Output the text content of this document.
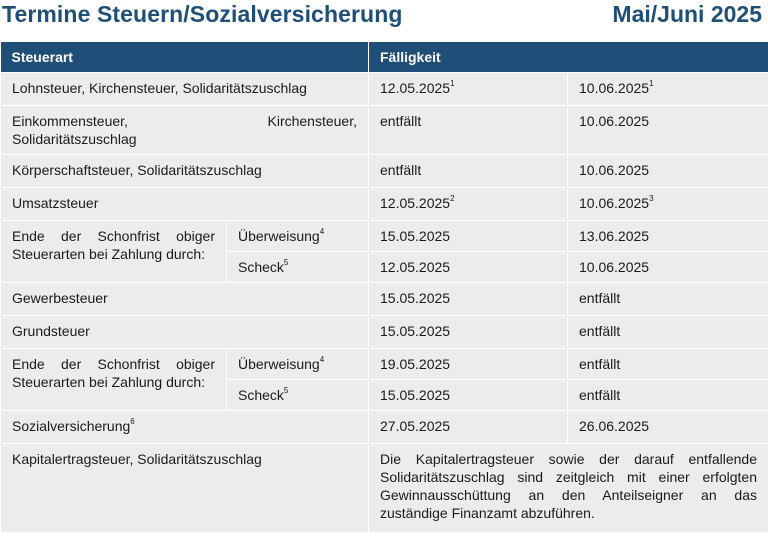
Termine Steuern/Sozialversicherung	Mai/Juni 2025
Steuerart		Fälligkeit	
Lohnsteuer, Kirchensteuer, Solidaritätszuschlag		12.05.2025$^1$	10.06.2025$^1$

Einkommensteuer, Kirchensteuer,
Solidaritätszuschlag		entfällt	10.06.2025
Körperschaftsteuer, Solidaritätszuschlag		entfällt	10.06.2025
Umsatzsteuer		12.05.2025$^2$	10.06.2025$^3$
Ende der Schonfrist obiger Steuerarten bei Zahlung durch:	Überweisung$^4$	15.05.2025	13.06.2025
	Scheck$^5$	12.05.2025	10.06.2025
Gewerbesteuer		15.05.2025	entfällt
Grundsteuer		15.05.2025	entfällt
Ende der Schonfrist obiger Steuerarten bei Zahlung durch:	Überweisung$^4$	19.05.2025	entfällt
	Scheck$^5$	15.05.2025	entfällt
Sozialversicherung$^6$		27.05.2025	26.06.2025
Kapitalertragsteuer, Solidaritätszuschlag		Die Kapitalertragsteuer sowie der darauf entfallende Solidaritätszuschlag sind zeitgleich mit einer erfolgten Gewinnausschüttung an den Anteilseigner an das zuständige Finanzamt abzuführen.	
